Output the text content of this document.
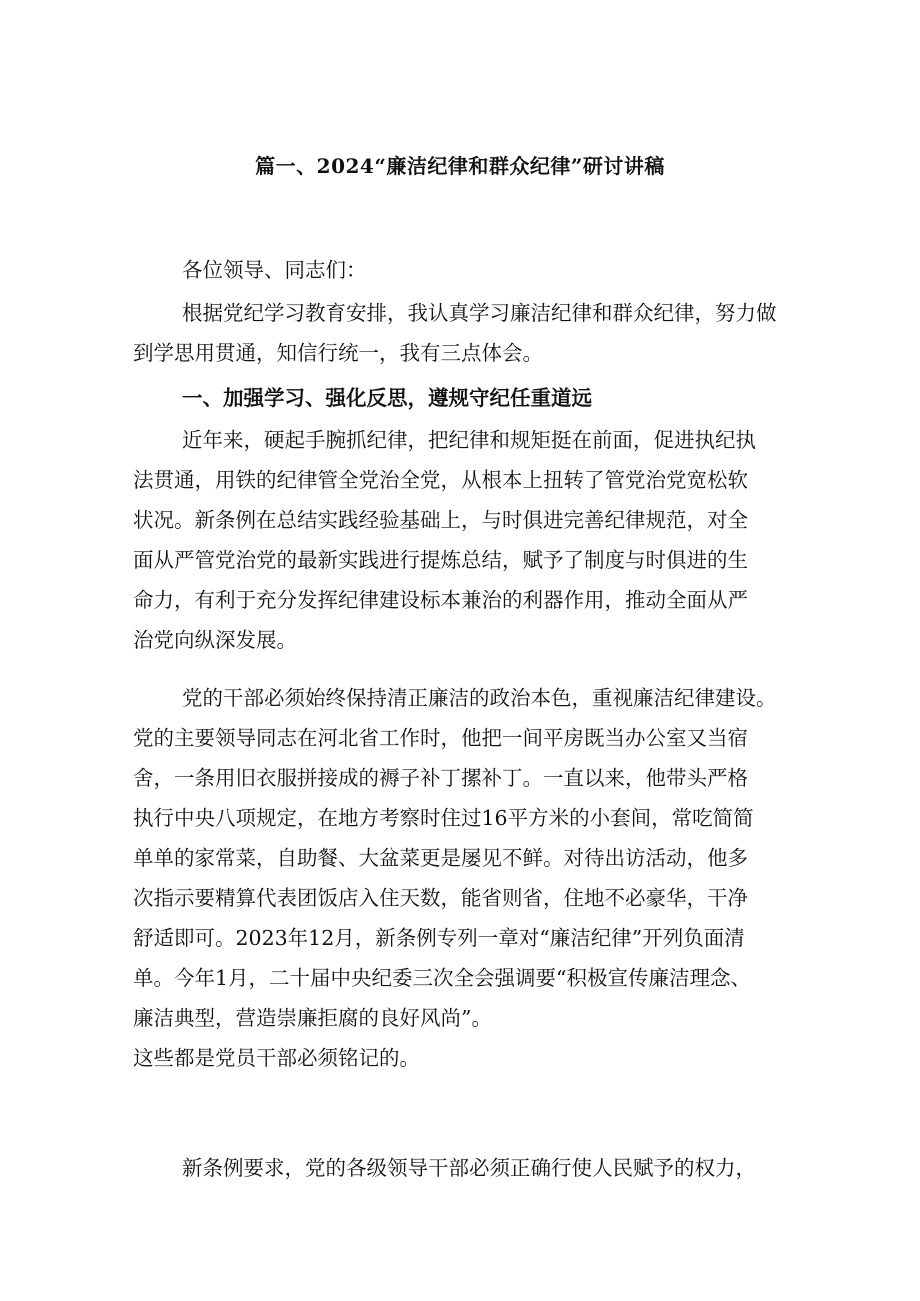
篇一、2024“廉洁纪律和群众纪律”研讨讲稿
各位领导、同志们：
根据党纪学习教育安排，我认真学习廉洁纪律和群众纪律，努力做
到学思用贯通，知信行统一，我有三点体会。
一、加强学习、强化反思，遵规守纪任重道远
近年来，硬起手腕抓纪律，把纪律和规矩挺在前面，促进执纪执
法贯通，用铁的纪律管全党治全党，从根本上扭转了管党治党宽松软
状况。新条例在总结实践经验基础上，与时俱进完善纪律规范，对全
面从严管党治党的最新实践进行提炼总结，赋予了制度与时俱进的生
命力，有利于充分发挥纪律建设标本兼治的利器作用，推动全面从严
治党向纵深发展。
党的干部必须始终保持清正廉洁的政治本色，重视廉洁纪律建设。
党的主要领导同志在河北省工作时，他把一间平房既当办公室又当宿
舍，一条用旧衣服拼接成的褥子补丁摞补丁。一直以来，他带头严格
执行中央八项规定，在地方考察时住过16平方米的小套间，常吃简简
单单的家常菜，自助餐、大盆菜更是屡见不鲜。对待出访活动，他多
次指示要精算代表团饭店入住天数，能省则省，住地不必豪华，干净
舒适即可。2023年12月，新条例专列一章对“廉洁纪律”开列负面清
单。今年1月，二十届中央纪委三次全会强调要“积极宣传廉洁理念、
廉洁典型，营造崇廉拒腐的良好风尚”。
这些都是党员干部必须铭记的。
新条例要求，党的各级领导干部必须正确行使人民赋予的权力，
